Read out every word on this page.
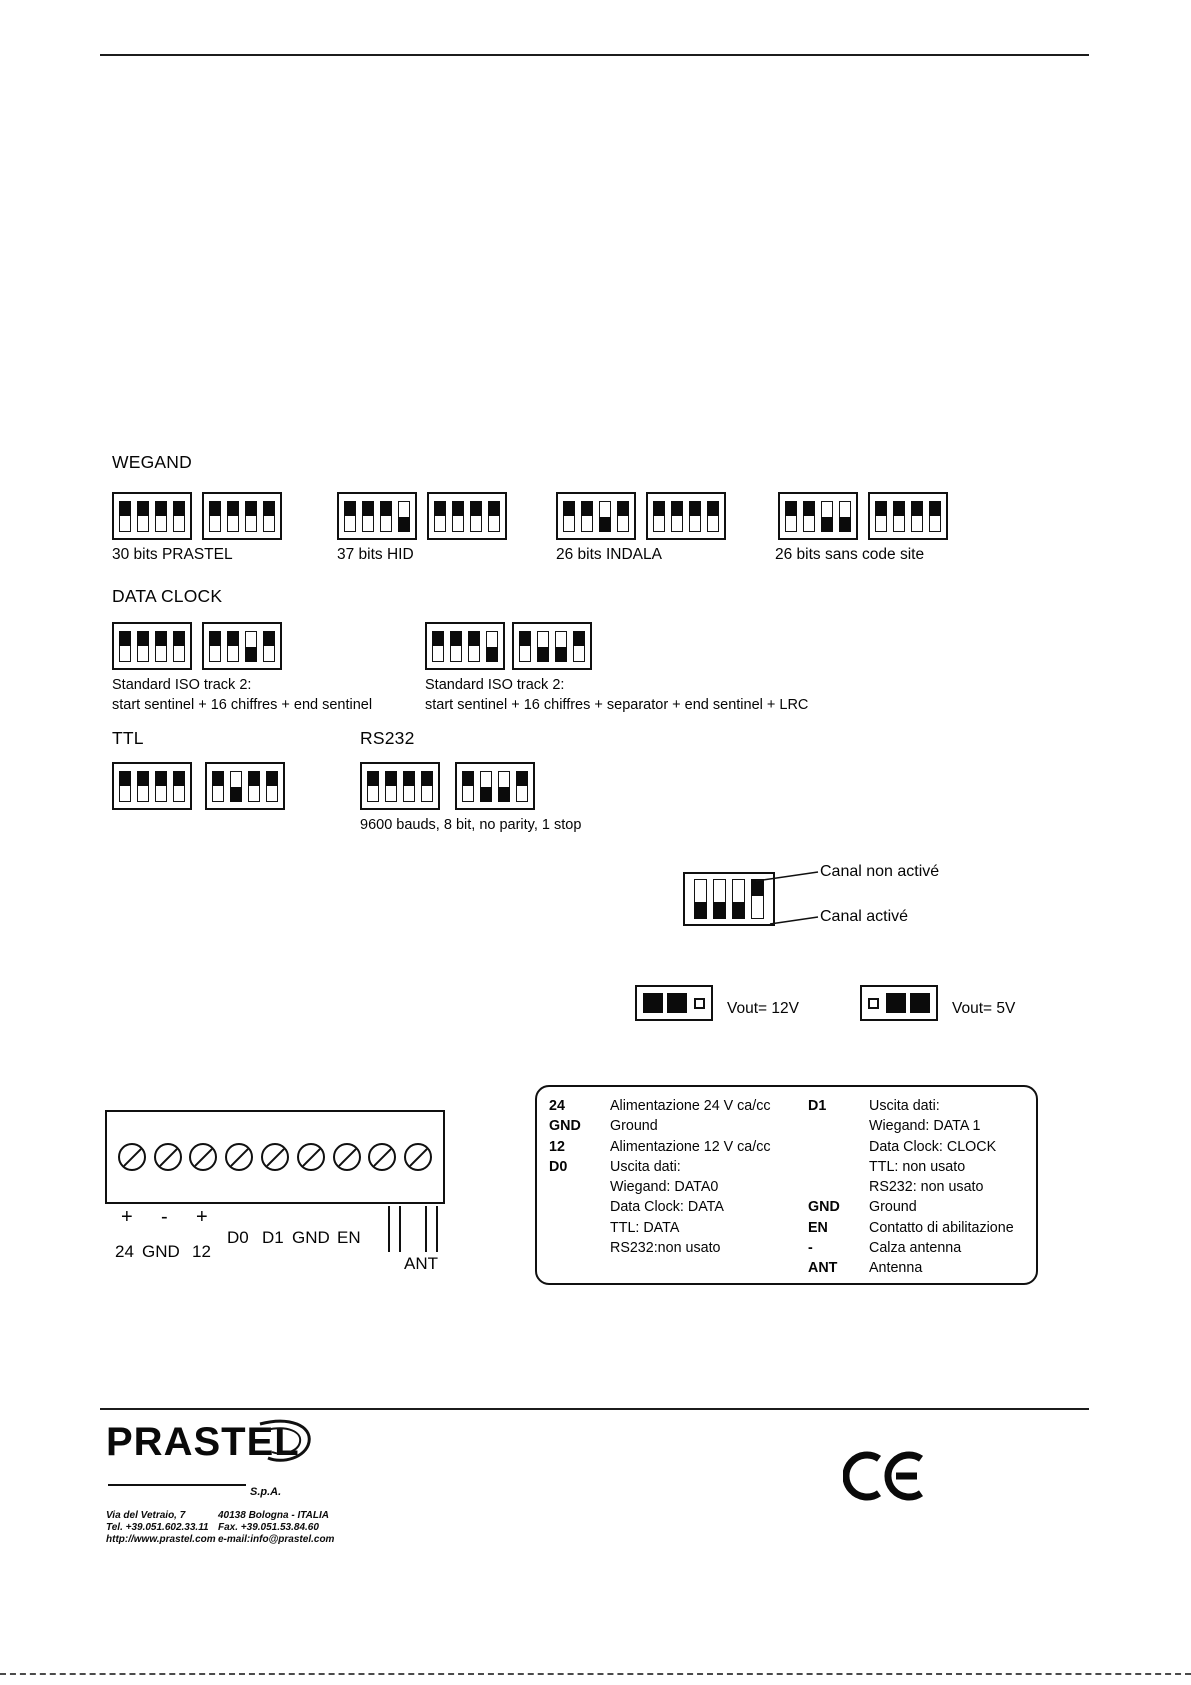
WEGAND
30 bits PRASTEL	37 bits HID	26 bits INDALA	26 bits sans code site
DATA CLOCK
Standard ISO track 2:
start sentinel + 16 chiffres + end sentinel
Standard ISO track 2:
start sentinel + 16 chiffres + separator + end sentinel + LRC
TTL	RS232
9600 bauds, 8 bit, no parity, 1 stop
Canal non activé
Canal activé
Vout= 12V	Vout= 5V
+ - +
24 GND 12
D0 D1 GND EN
ANT
24	Alimentazione 24 V ca/cc
GND	Ground
12	Alimentazione 12 V ca/cc
D0	Uscita dati:
Wiegand: DATA0
Data Clock: DATA
TTL: DATA
RS232:non usato
D1	Uscita dati:
Wiegand: DATA 1
Data Clock: CLOCK
TTL: non usato
RS232: non usato
GND	Ground
EN	Contatto di abilitazione
-	Calza antenna
ANT	Antenna
PRASTEL
S.p.A.
Via del Vetraio, 7
Tel. +39.051.602.33.11
http://www.prastel.com
40138 Bologna - ITALIA
Fax. +39.051.53.84.60
e-mail:info@prastel.com
